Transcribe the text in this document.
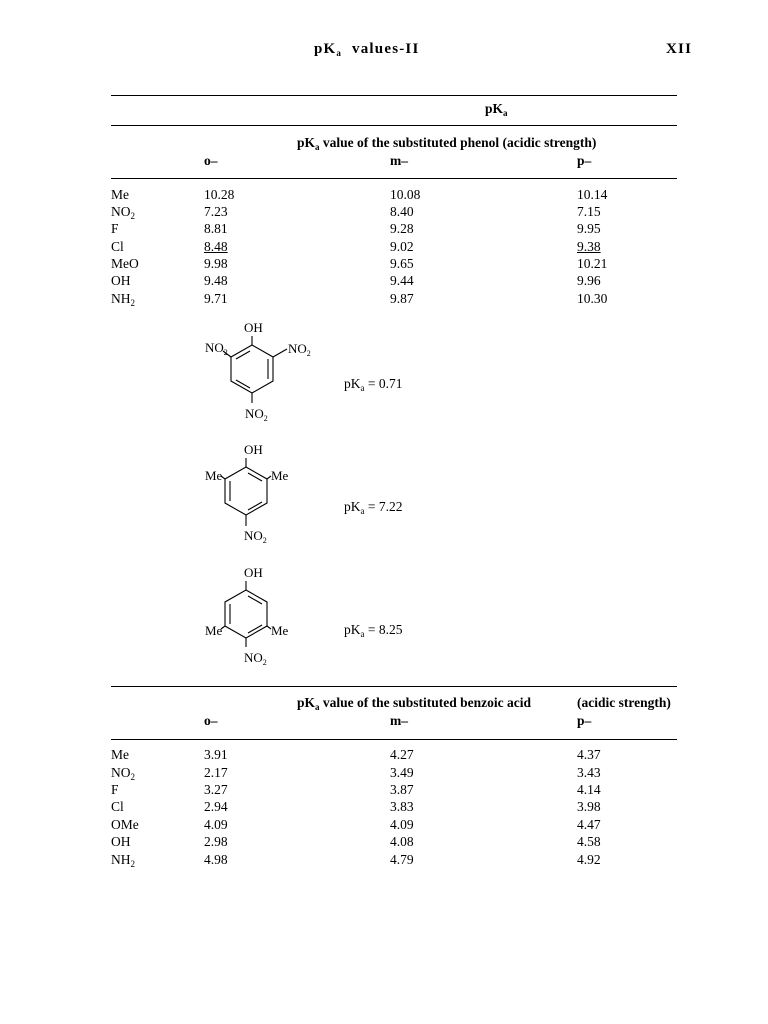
$pK_a$ values-II	XII
$pK_a$
$pK_a$ value of the substituted phenol (acidic strength)
o–	m–	p–
Me	10.28	10.08	10.14
$NO_2$	7.23	8.40	7.15
F	8.81	9.28	9.95
Cl	8.48	9.02	9.38
MeO	9.98	9.65	10.21
OH	9.48	9.44	9.96
$NH_2$	9.71	9.87	10.30
OH
$NO_2$	$NO_2$
$NO_2$
$pK_a = 0.71$
OH
Me	Me
$NO_2$
$pK_a = 7.22$
OH
Me	Me
$NO_2$
$pK_a = 8.25$
$pK_a$ value of the substituted benzoic acid	(acidic strength)
o–	m–	p–
Me	3.91	4.27	4.37
$NO_2$	2.17	3.49	3.43
F	3.27	3.87	4.14
Cl	2.94	3.83	3.98
OMe	4.09	4.09	4.47
OH	2.98	4.08	4.58
$NH_2$	4.98	4.79	4.92
